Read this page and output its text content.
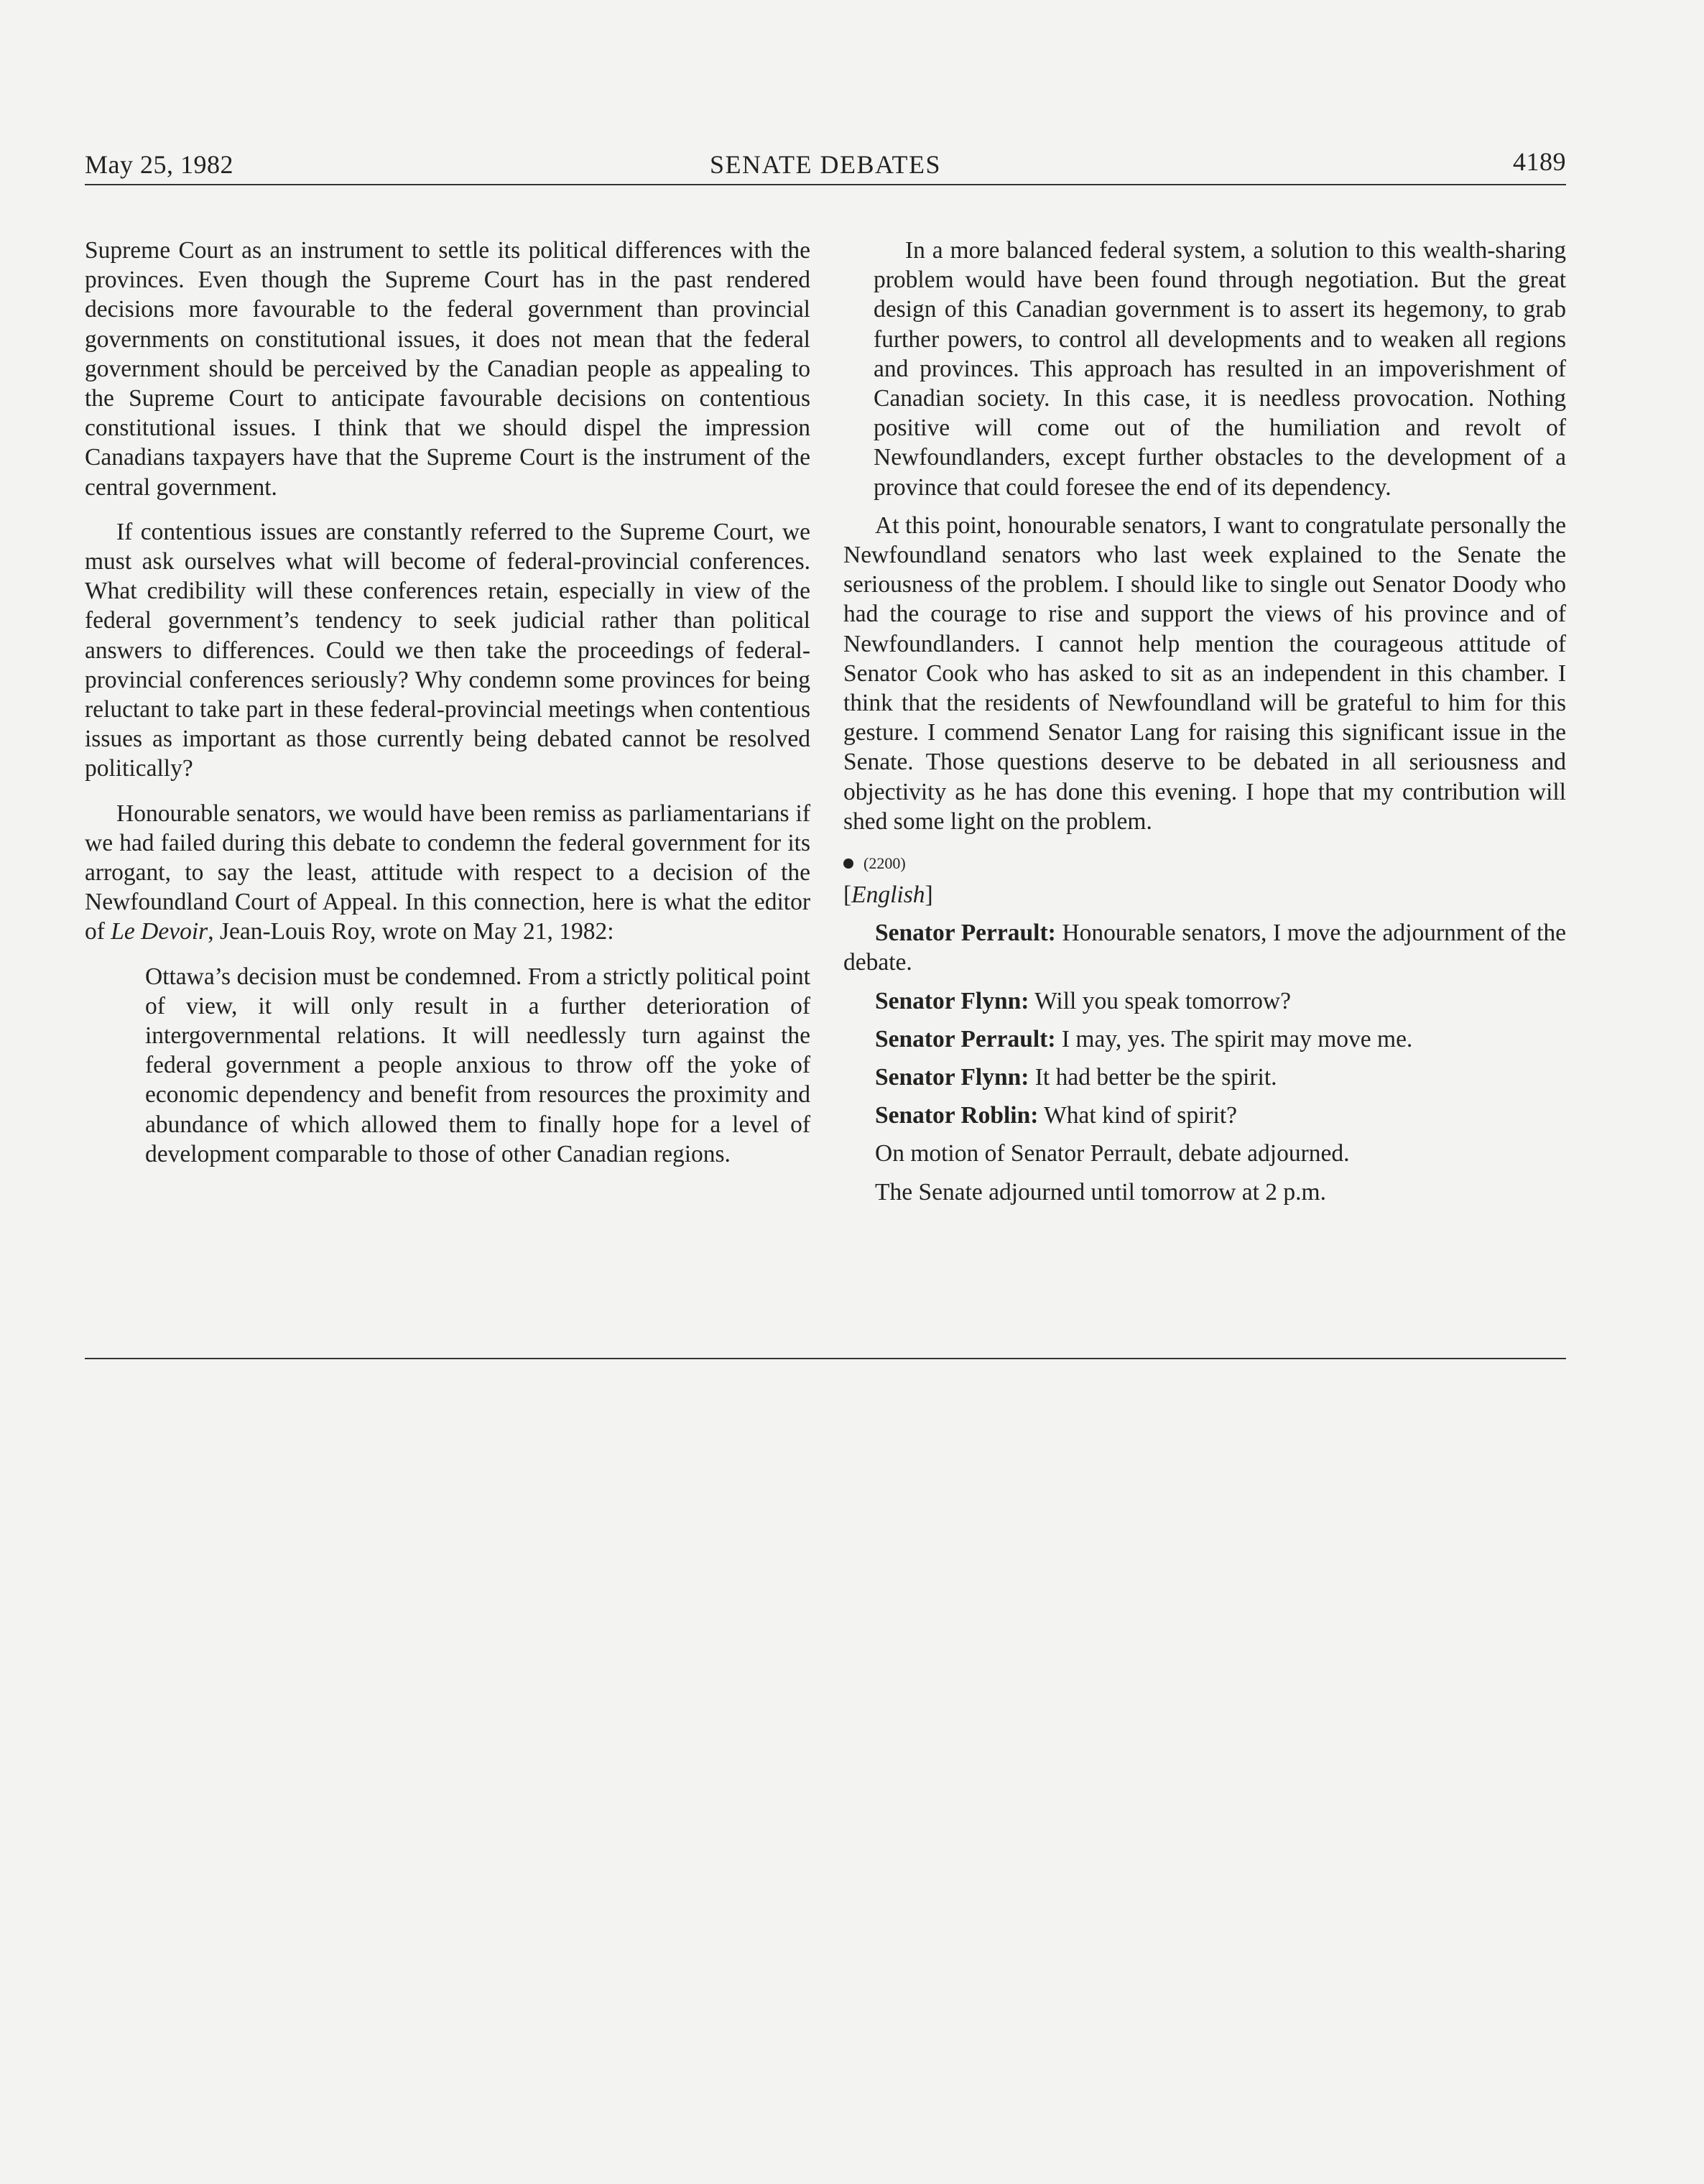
May 25, 1982	SENATE DEBATES	4189

Supreme Court as an instrument to settle its political differences with the provinces. Even though the Supreme Court has in the past rendered decisions more favourable to the federal government than provincial governments on constitutional issues, it does not mean that the federal government should be perceived by the Canadian people as appealing to the Supreme Court to anticipate favourable decisions on contentious constitutional issues. I think that we should dispel the impression Canadians taxpayers have that the Supreme Court is the instrument of the central government.

If contentious issues are constantly referred to the Supreme Court, we must ask ourselves what will become of federal-provincial conferences. What credibility will these conferences retain, especially in view of the federal government’s tendency to seek judicial rather than political answers to differences. Could we then take the proceedings of federal-provincial conferences seriously? Why condemn some provinces for being reluctant to take part in these federal-provincial meetings when contentious issues as important as those currently being debated cannot be resolved politically?

Honourable senators, we would have been remiss as parliamentarians if we had failed during this debate to condemn the federal government for its arrogant, to say the least, attitude with respect to a decision of the Newfoundland Court of Appeal. In this connection, here is what the editor of Le Devoir, Jean-Louis Roy, wrote on May 21, 1982:

Ottawa’s decision must be condemned. From a strictly political point of view, it will only result in a further deterioration of intergovernmental relations. It will needlessly turn against the federal government a people anxious to throw off the yoke of economic dependency and benefit from resources the proximity and abundance of which allowed them to finally hope for a level of development comparable to those of other Canadian regions.

In a more balanced federal system, a solution to this wealth-sharing problem would have been found through negotiation. But the great design of this Canadian government is to assert its hegemony, to grab further powers, to control all developments and to weaken all regions and provinces. This approach has resulted in an impoverishment of Canadian society. In this case, it is needless provocation. Nothing positive will come out of the humiliation and revolt of Newfoundlanders, except further obstacles to the development of a province that could foresee the end of its dependency.

At this point, honourable senators, I want to congratulate personally the Newfoundland senators who last week explained to the Senate the seriousness of the problem. I should like to single out Senator Doody who had the courage to rise and support the views of his province and of Newfoundlanders. I cannot help mention the courageous attitude of Senator Cook who has asked to sit as an independent in this chamber. I think that the residents of Newfoundland will be grateful to him for this gesture. I commend Senator Lang for raising this significant issue in the Senate. Those questions deserve to be debated in all seriousness and objectivity as he has done this evening. I hope that my contribution will shed some light on the problem.

(2200)

[English]

Senator Perrault: Honourable senators, I move the adjournment of the debate.

Senator Flynn: Will you speak tomorrow?

Senator Perrault: I may, yes. The spirit may move me.

Senator Flynn: It had better be the spirit.

Senator Roblin: What kind of spirit?

On motion of Senator Perrault, debate adjourned.

The Senate adjourned until tomorrow at 2 p.m.
